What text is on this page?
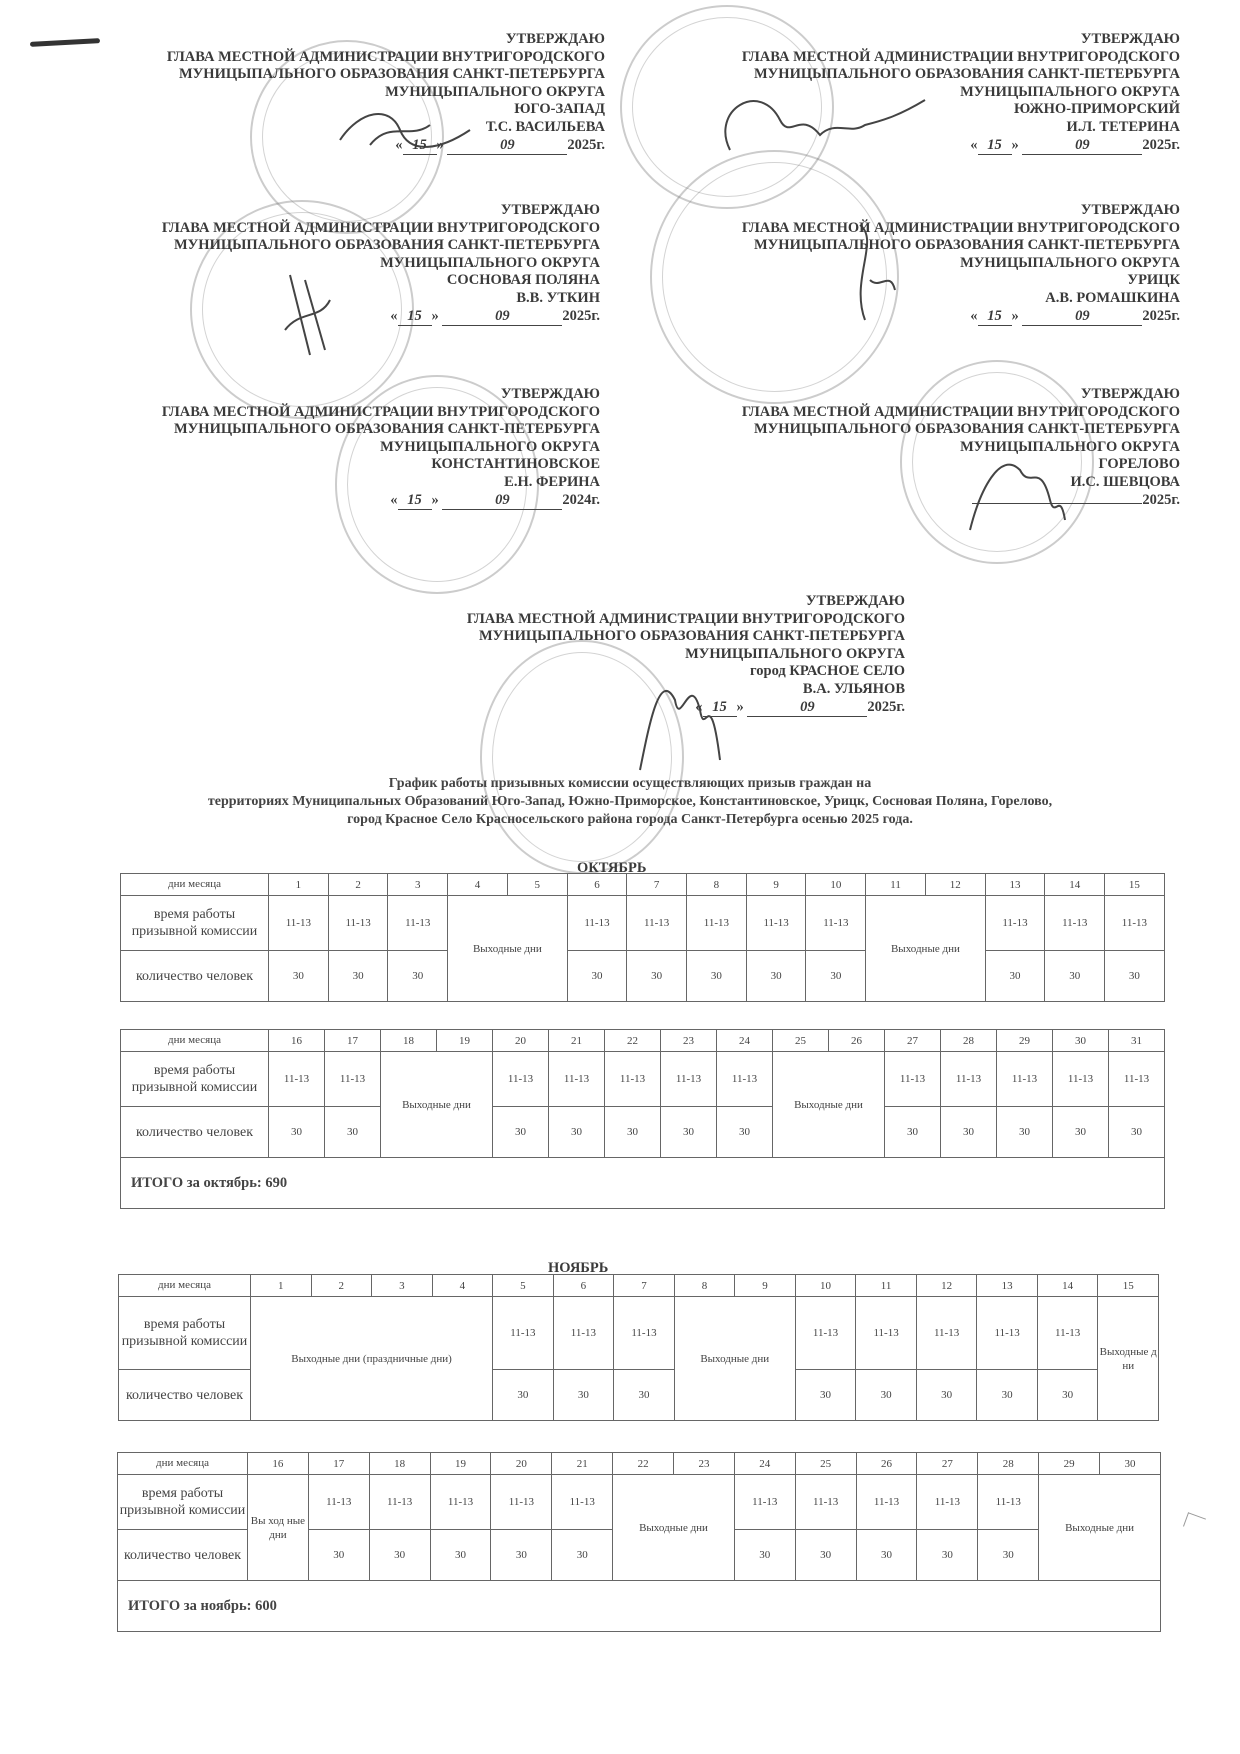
УТВЕРЖДАЮ
ГЛАВА МЕСТНОЙ АДМИНИСТРАЦИИ ВНУТРИГОРОДСКОГО
МУНИЦЫПАЛЬНОГО ОБРАЗОВАНИЯ САНКТ-ПЕТЕРБУРГА
МУНИЦЫПАЛЬНОГО ОКРУГА
ЮГО-ЗАПАД
Т.С. ВАСИЛЬЕВА
« 15 »	09	2025г.
УТВЕРЖДАЮ
ГЛАВА МЕСТНОЙ АДМИНИСТРАЦИИ ВНУТРИГОРОДСКОГО
МУНИЦЫПАЛЬНОГО ОБРАЗОВАНИЯ САНКТ-ПЕТЕРБУРГА
МУНИЦЫПАЛЬНОГО ОКРУГА
ЮЖНО-ПРИМОРСКИЙ
И.Л. ТЕТЕРИНА
« 15 »	09	2025г.
УТВЕРЖДАЮ
ГЛАВА МЕСТНОЙ АДМИНИСТРАЦИИ ВНУТРИГОРОДСКОГО
МУНИЦЫПАЛЬНОГО ОБРАЗОВАНИЯ САНКТ-ПЕТЕРБУРГА
МУНИЦЫПАЛЬНОГО ОКРУГА
СОСНОВАЯ ПОЛЯНА
В.В. УТКИН
« 15 »	09	2025г.
УТВЕРЖДАЮ
ГЛАВА МЕСТНОЙ АДМИНИСТРАЦИИ ВНУТРИГОРОДСКОГО
МУНИЦЫПАЛЬНОГО ОБРАЗОВАНИЯ САНКТ-ПЕТЕРБУРГА
МУНИЦЫПАЛЬНОГО ОКРУГА
УРИЦК
А.В. РОМАШКИНА
« 15 »	09	2025г.
УТВЕРЖДАЮ
ГЛАВА МЕСТНОЙ АДМИНИСТРАЦИИ ВНУТРИГОРОДСКОГО
МУНИЦЫПАЛЬНОГО ОБРАЗОВАНИЯ САНКТ-ПЕТЕРБУРГА
МУНИЦЫПАЛЬНОГО ОКРУГА
КОНСТАНТИНОВСКОЕ
Е.Н. ФЕРИНА
« 15 »	09	2024г.
УТВЕРЖДАЮ
ГЛАВА МЕСТНОЙ АДМИНИСТРАЦИИ ВНУТРИГОРОДСКОГО
МУНИЦЫПАЛЬНОГО ОБРАЗОВАНИЯ САНКТ-ПЕТЕРБУРГА
МУНИЦЫПАЛЬНОГО ОКРУГА
ГОРЕЛОВО
И.С. ШЕВЦОВА
2025г.
УТВЕРЖДАЮ
ГЛАВА МЕСТНОЙ АДМИНИСТРАЦИИ ВНУТРИГОРОДСКОГО
МУНИЦЫПАЛЬНОГО ОБРАЗОВАНИЯ САНКТ-ПЕТЕРБУРГА
МУНИЦЫПАЛЬНОГО ОКРУГА
город КРАСНОЕ СЕЛО
В.А. УЛЬЯНОВ
« 15 »	09	2025г.
График работы призывных комиссии осуществляющих призыв граждан на
территориях Муниципальных Образований Юго-Запад, Южно-Приморское, Константиновское, Урицк, Сосновая Поляна, Горелово,
город Красное Село Красносельского района города Санкт-Петербурга осенью 2025 года.
ОКТЯБРЬ
НОЯБРЬ
дни месяца	1	2	3	4	5	6	7	8	9	10	11	12	13	14	15
время работы призывной комиссии	11-13	11-13	11-13	Выходные дни		11-13	11-13	11-13	11-13	11-13	Выходные дни		11-13	11-13	11-13
количество человек	30	30	30			30	30	30	30	30			30	30	30
дни месяца	16	17	18	19	20	21	22	23	24	25	26	27	28	29	30	31
время работы призывной комиссии	11-13	11-13	Выходные дни		11-13	11-13	11-13	11-13	11-13	Выходные дни		11-13	11-13	11-13	11-13	11-13
количество человек	30	30			30	30	30	30	30			30	30	30	30	30
ИТОГО за октябрь: 690																
дни месяца	1	2	3	4	5	6	7	8	9	10	11	12	13	14	15
время работы призывной комиссии	Выходные дни (праздничные дни)				11-13	11-13	11-13	Выходные дни		11-13	11-13	11-13	11-13	11-13	Выходные дни
количество человек					30	30	30			30	30	30	30	30	
дни месяца	16	17	18	19	20	21	22	23	24	25	26	27	28	29	30
время работы призывной комиссии	Вы ход ные дни	11-13	11-13	11-13	11-13	11-13	Выходные дни		11-13	11-13	11-13	11-13	11-13	Выходные дни	
количество человек		30	30	30	30	30			30	30	30	30	30		
ИТОГО за ноябрь: 600															
